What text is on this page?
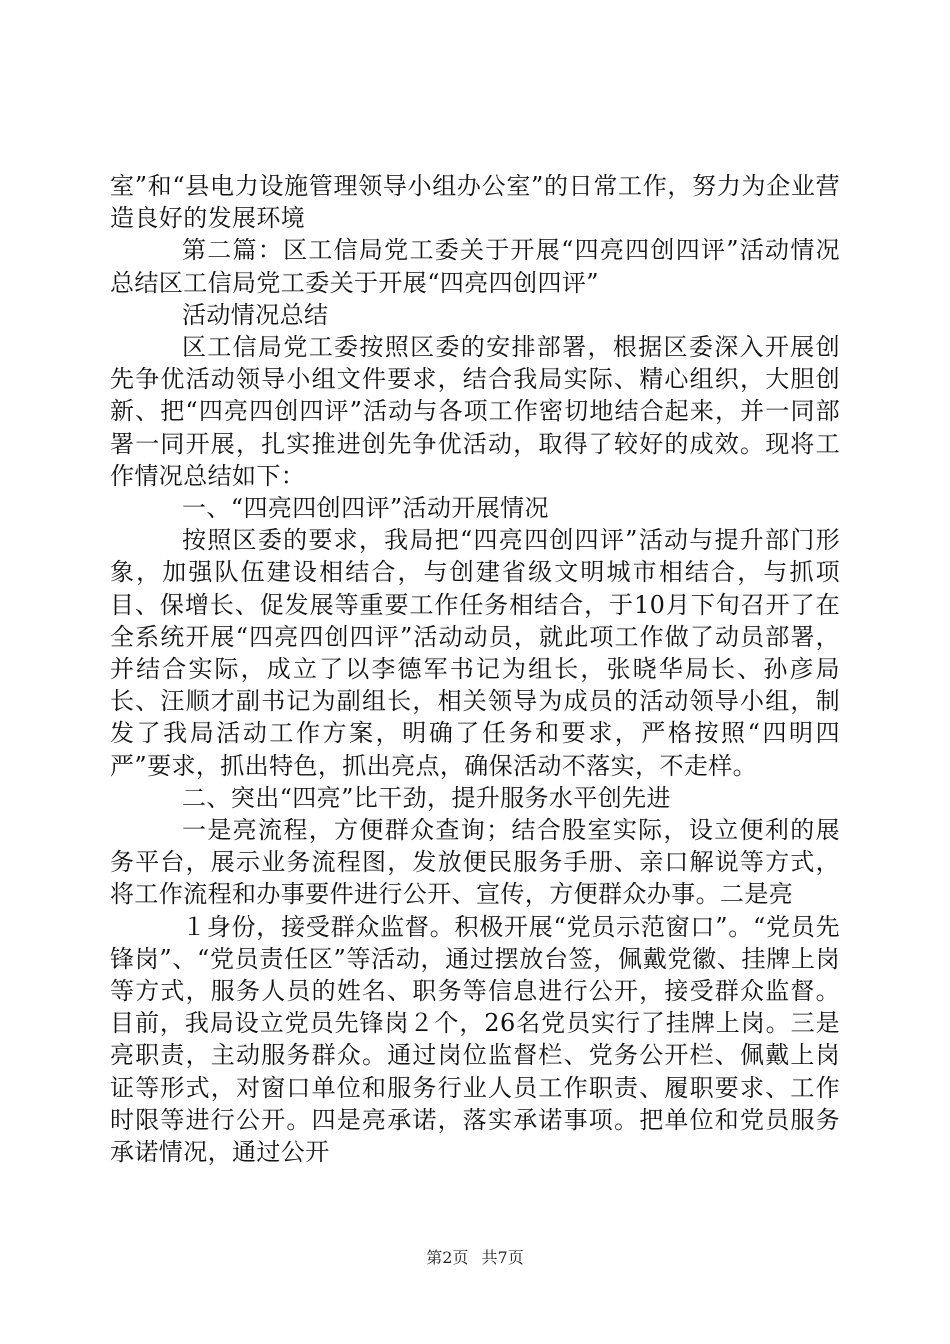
室”和“县电力设施管理领导小组办公室”的日常工作，努力为企业营造良好的发展环境

第二篇：区工信局党工委关于开展“四亮四创四评”活动情况总结区工信局党工委关于开展“四亮四创四评”

活动情况总结

区工信局党工委按照区委的安排部署，根据区委深入开展创先争优活动领导小组文件要求，结合我局实际、精心组织，大胆创新、把“四亮四创四评”活动与各项工作密切地结合起来，并一同部署一同开展，扎实推进创先争优活动，取得了较好的成效。现将工作情况总结如下：

一、“四亮四创四评”活动开展情况

按照区委的要求，我局把“四亮四创四评”活动与提升部门形象，加强队伍建设相结合，与创建省级文明城市相结合，与抓项目、保增长、促发展等重要工作任务相结合，于10月下旬召开了在全系统开展“四亮四创四评”活动动员，就此项工作做了动员部署，并结合实际，成立了以李德军书记为组长，张晓华局长、孙彦局长、汪顺才副书记为副组长，相关领导为成员的活动领导小组，制发了我局活动工作方案，明确了任务和要求，严格按照“四明四严”要求，抓出特色，抓出亮点，确保活动不落实，不走样。

二、突出“四亮”比干劲，提升服务水平创先进

一是亮流程，方便群众查询；结合股室实际，设立便利的展务平台，展示业务流程图，发放便民服务手册、亲口解说等方式，将工作流程和办事要件进行公开、宣传，方便群众办事。二是亮

１身份，接受群众监督。积极开展“党员示范窗口”。“党员先锋岗”、“党员责任区”等活动，通过摆放台签，佩戴党徽、挂牌上岗等方式，服务人员的姓名、职务等信息进行公开，接受群众监督。目前，我局设立党员先锋岗２个，26名党员实行了挂牌上岗。三是亮职责，主动服务群众。通过岗位监督栏、党务公开栏、佩戴上岗证等形式，对窗口单位和服务行业人员工作职责、履职要求、工作时限等进行公开。四是亮承诺，落实承诺事项。把单位和党员服务承诺情况，通过公开

第2页 共7页
